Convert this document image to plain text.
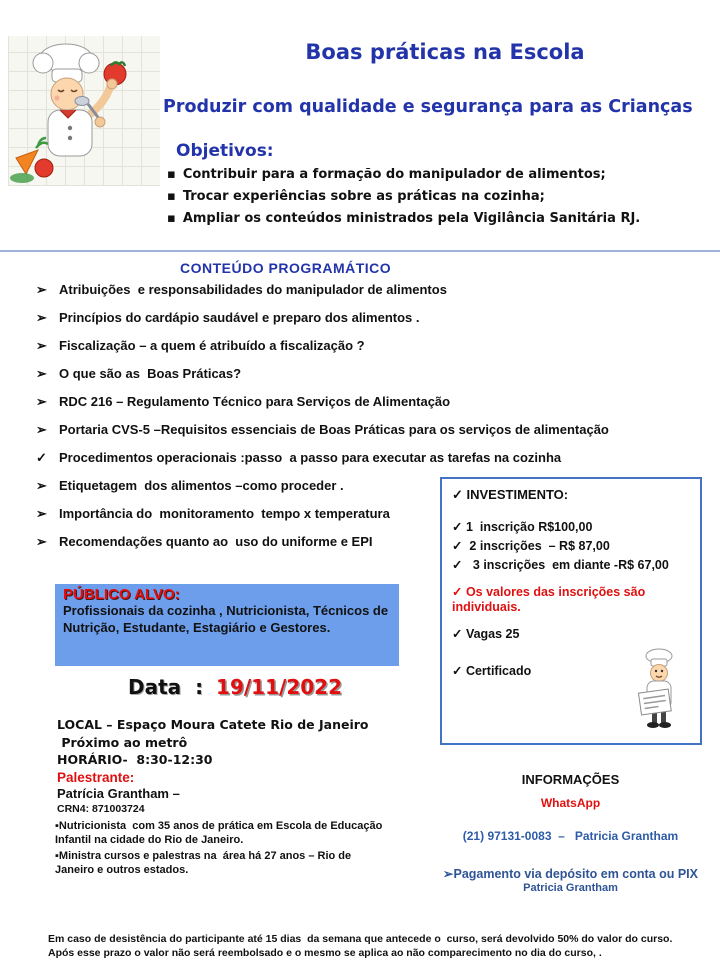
Boas práticas na Escola
Produzir com qualidade e segurança para as Crianças
Objetivos:
▪ Contribuir para a formação do manipulador de alimentos;
▪ Trocar experiências sobre as práticas na cozinha;
▪ Ampliar os conteúdos ministrados pela Vigilância Sanitária RJ.
CONTEÚDO PROGRAMÁTICO
➢ Atribuições  e responsabilidades do manipulador de alimentos
➢ Princípios do cardápio saudável e preparo dos alimentos .
➢ Fiscalização – a quem é atribuído a fiscalização ?
➢ O que são as  Boas Práticas?
➢ RDC 216 – Regulamento Técnico para Serviços de Alimentação
➢ Portaria CVS-5 –Requisitos essenciais de Boas Práticas para os serviços de alimentação
✓ Procedimentos operacionais :passo  a passo para executar as tarefas na cozinha
➢ Etiquetagem  dos alimentos –como proceder .
➢ Importância do  monitoramento  tempo x temperatura
➢ Recomendações quanto ao  uso do uniforme e EPI
✓ INVESTIMENTO:
✓ 1  inscrição R$100,00
✓  2 inscrições  – R$ 87,00
✓   3 inscrições  em diante -R$ 67,00
✓ Os valores das inscrições são individuais.
✓ Vagas 25
✓ Certificado
PÚBLICO ALVO:
Profissionais da cozinha , Nutricionista, Técnicos de Nutrição, Estudante, Estagiário e Gestores.
Data  : 19/11/2022
LOCAL – Espaço Moura Catete Rio de Janeiro
Próximo ao metrô
HORÁRIO-  8:30-12:30
Palestrante:
Patrícia Grantham –
CRN4: 871003724
▪Nutricionista  com 35 anos de prática em Escola de Educação Infantil na cidade do Rio de Janeiro.
▪Ministra cursos e palestras na  área há 27 anos – Rio de Janeiro e outros estados.
INFORMAÇÕES
WhatsApp
(21) 97131-0083  –   Patricia Grantham
➢Pagamento via depósito em conta ou PIX
Patricia Grantham
Em caso de desistência do participante até 15 dias  da semana que antecede o  curso, será devolvido 50% do valor do curso.
Após esse prazo o valor não será reembolsado e o mesmo se aplica ao não comparecimento no dia do curso, .
